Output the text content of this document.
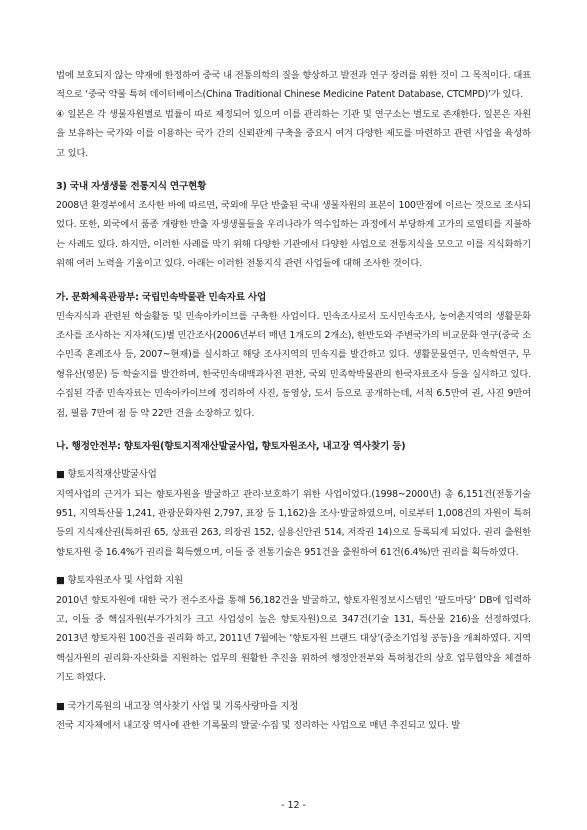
법에 보호되지 않는 약재에 한정하여 중국 내 전통의학의 질을 향상하고 발전과 연구 장려를 위한 것이 그 목적이다. 대표적으로 ‘중국 약물 특허 데이터베이스(China Traditional Chinese Medicine Patent Database, CTCMPD)’가 있다.

④ 일본은 각 생물자원별로 법률이 따로 제정되어 있으며 이를 관리하는 기관 및 연구소는 별도로 존재한다. 일본은 자원을 보유하는 국가와 이를 이용하는 국가 간의 신뢰관계 구축을 중요시 여겨 다양한 제도를 마련하고 관련 사업을 육성하고 있다.

3) 국내 자생생물 전통지식 연구현황

2008년 환경부에서 조사한 바에 따르면, 국외에 무단 반출된 국내 생물자원의 표본이 100만점에 이르는 것으로 조사되었다. 또한, 외국에서 품종 개량한 반출 자생생물들을 우리나라가 역수입하는 과정에서 부당하게 고가의 로열티를 지불하는 사례도 있다. 하지만, 이러한 사례를 막기 위해 다양한 기관에서 다양한 사업으로 전통지식을 모으고 이를 지식화하기 위해 여러 노력을 기울이고 있다. 아래는 이러한 전통지식 관련 사업들에 대해 조사한 것이다.

가. 문화체육관광부: 국립민속박물관 민속자료 사업

민속지식과 관련된 학술활동 및 민속아카이브를 구축한 사업이다. 민속조사로서 도시민속조사, 농어촌지역의 생활문화조사를 조사하는 지자체(도)별 민간조사(2006년부터 매년 1개도의 2개소), 한반도와 주변국가의 비교문화 연구(중국 소수민족 혼례조사 등, 2007~현재)를 실시하고 해당 조사지역의 민속지를 발간하고 있다. 생활문물연구, 민속학연구, 무형유산(영문) 등 학술지를 발간하며, 한국민속대백과사전 편찬, 국외 민족학박물관의 한국자료조사 등을 실시하고 있다. 수집된 각종 민속자료는 민속아카이브에 정리하여 사진, 동영상, 도서 등으로 공개하는데, 서적 6.5만여 권, 사진 9만여 점, 필름 7만여 점 등 약 22만 건을 소장하고 있다.

나. 행정안전부: 향토자원(향토지적재산발굴사업, 향토자원조사, 내고장 역사찾기 등)

■ 향토지적재산발굴사업

지역사업의 근거가 되는 향토자원을 발굴하고 관리·보호하기 위한 사업이었다.(1998~2000년) 총 6,151건(전통기술 951, 지역특산물 1,241, 관광문화자원 2,797, 표장 등 1,162)을 조사·발굴하였으며, 이로부터 1,008건의 자원이 특허 등의 지식재산권(특허권 65, 상표권 263, 의장권 152, 실용신안권 514, 저작권 14)으로 등록되게 되었다. 권리 출원한 향토자원 중 16.4%가 권리를 획득했으며, 이들 중 전통기술은 951건을 출원하여 61건(6.4%)만 권리를 획득하였다.

■ 향토자원조사 및 사업화 지원

2010년 향토자원에 대한 국가 전수조사를 통해 56,182건을 발굴하고, 향토자원정보시스템인 ‘팔도마당’ DB에 입력하고, 이들 중 핵심자원(부가가치가 크고 사업성이 높은 향토자원)으로 347건(기술 131, 특산물 216)을 선정하였다. 2013년 향토자원 100건을 권리화 하고, 2011년 7월에는 ‘향토자원 브랜드 대상’(중소기업청 공동)을 개최하였다. 지역 핵심자원의 권리화·자산화를 지원하는 업무의 원활한 추진을 위하여 행정안전부와 특허청간의 상호 업무협약을 체결하기도 하였다.

■ 국가기록원의 내고장 역사찾기 사업 및 기록사랑마을 지정

전국 지자체에서 내고장 역사에 관한 기록물의 발굴·수집 및 정리하는 사업으로 매년 추진되고 있다. 발

- 12 -
